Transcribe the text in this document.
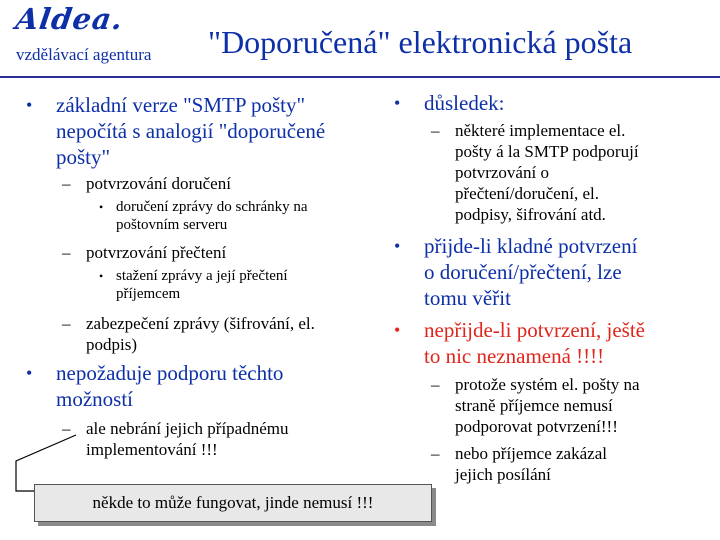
Aldea.
vzdělávací agentura "Doporučená" elektronická pošta
• základní verze "SMTP pošty"
nepočítá s analogií "doporučené
pošty"
– potvrzování doručení
• doručení zprávy do schránky na
poštovním serveru
– potvrzování přečtení
• stažení zprávy a její přečtení
příjemcem
– zabezpečení zprávy (šifrování, el.
podpis)
• nepožaduje podporu těchto
možností
– ale nebrání jejich případnému
implementování !!!
• důsledek:
– některé implementace el.
pošty á la SMTP podporují
potvrzování o
přečtení/doručení, el.
podpisy, šifrování atd.
• přijde-li kladné potvrzení
o doručení/přečtení, lze
tomu věřit
• nepřijde-li potvrzení, ještě
to nic neznamená !!!!
– protože systém el. pošty na
straně příjemce nemusí
podporovat potvrzení!!!
– nebo příjemce zakázal
jejich posílání
někde to může fungovat, jinde nemusí !!!
